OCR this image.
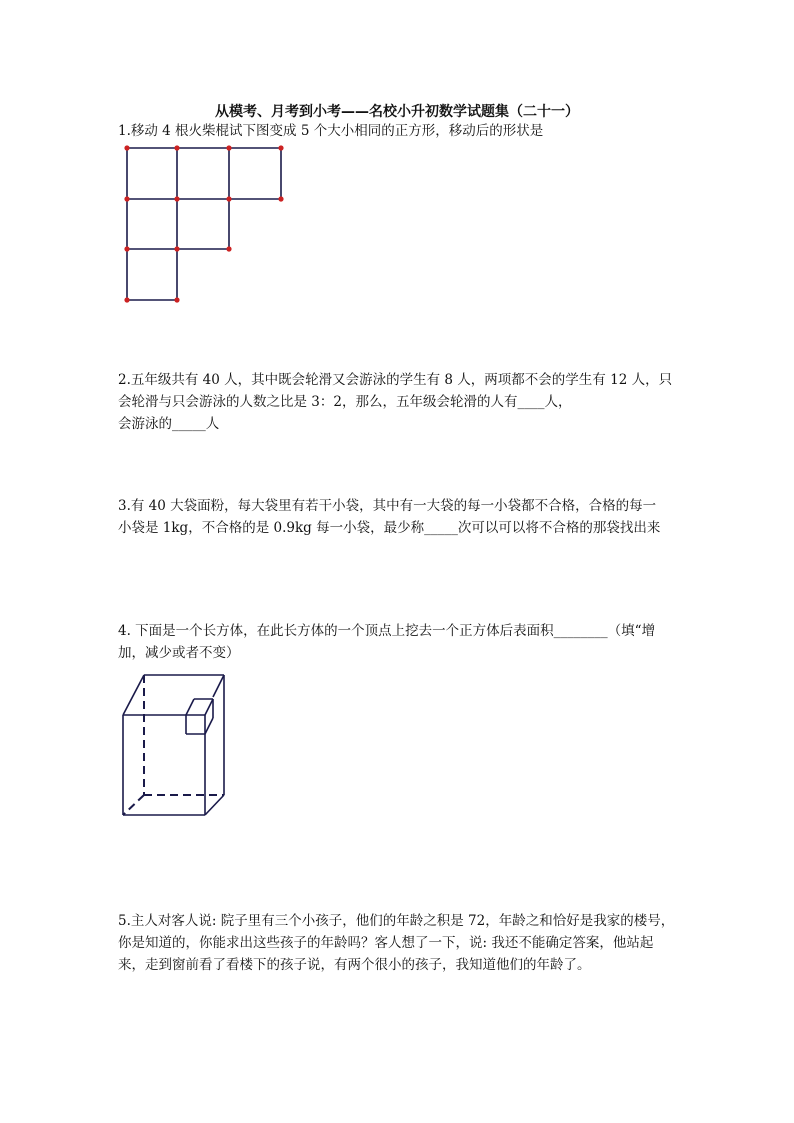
从模考、月考到小考——名校小升初数学试题集（二十一）

1.移动 4 根火柴棍试下图变成 5 个大小相同的正方形，移动后的形状是

2.五年级共有 40 人，其中既会轮滑又会游泳的学生有 8 人，两项都不会的学生有 12 人，只

会轮滑与只会游泳的人数之比是 3：2，那么，五年级会轮滑的人有____人，

会游泳的_____人

3.有 40 大袋面粉，每大袋里有若干小袋，其中有一大袋的每一小袋都不合格，合格的每一

小袋是 1kg，不合格的是 0.9kg 每一小袋，最少称_____次可以可以将不合格的那袋找出来

4. 下面是一个长方体，在此长方体的一个顶点上挖去一个正方体后表面积________（填“增

加，减少或者不变）

5.主人对客人说: 院子里有三个小孩子，他们的年龄之积是 72，年龄之和恰好是我家的楼号，

你是知道的，你能求出这些孩子的年龄吗？客人想了一下，说: 我还不能确定答案，他站起

来，走到窗前看了看楼下的孩子说，有两个很小的孩子，我知道他们的年龄了。
